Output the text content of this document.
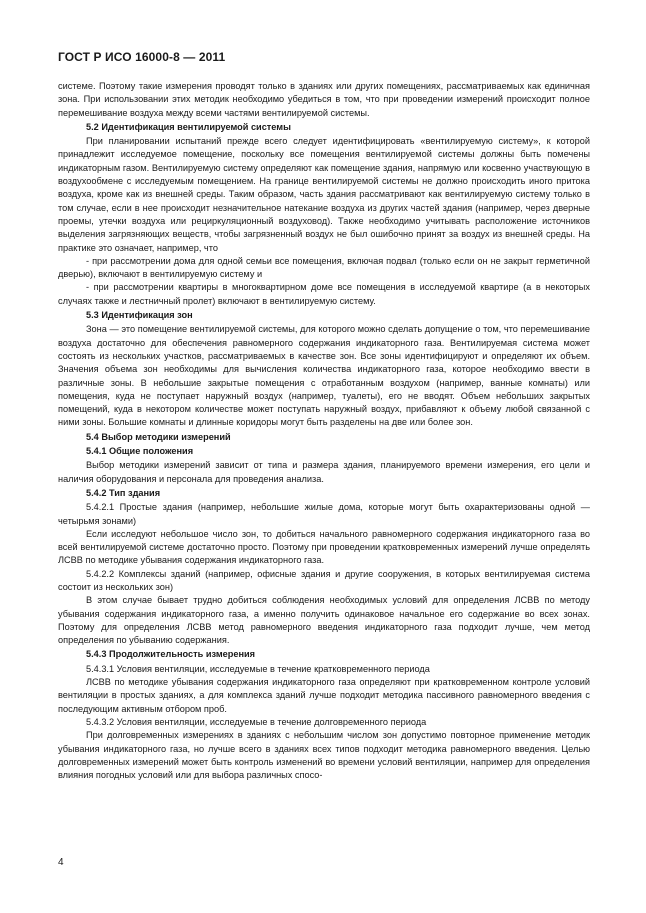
ГОСТ Р ИСО 16000-8 — 2011

системе. Поэтому такие измерения проводят только в зданиях или других помещениях, рассматриваемых как единичная зона. При использовании этих методик необходимо убедиться в том, что при проведении измерений происходит полное перемешивание воздуха между всеми частями вентилируемой системы.

5.2 Идентификация вентилируемой системы

При планировании испытаний прежде всего следует идентифицировать «вентилируемую систему», к которой принадлежит исследуемое помещение, поскольку все помещения вентилируемой системы должны быть помечены индикаторным газом. Вентилируемую систему определяют как помещение здания, напрямую или косвенно участвующую в воздухообмене с исследуемым помещением. На границе вентилируемой системы не должно происходить иного притока воздуха, кроме как из внешней среды. Таким образом, часть здания рассматривают как вентилируемую систему только в том случае, если в нее происходит незначительное натекание воздуха из других частей здания (например, через дверные проемы, утечки воздуха или рециркуляционный воздуховод). Также необходимо учитывать расположение источников выделения загрязняющих веществ, чтобы загрязненный воздух не был ошибочно принят за воздух из внешней среды. На практике это означает, например, что

- при рассмотрении дома для одной семьи все помещения, включая подвал (только если он не закрыт герметичной дверью), включают в вентилируемую систему и

- при рассмотрении квартиры в многоквартирном доме все помещения в исследуемой квартире (а в некоторых случаях также и лестничный пролет) включают в вентилируемую систему.

5.3 Идентификация зон

Зона — это помещение вентилируемой системы, для которого можно сделать допущение о том, что перемешивание воздуха достаточно для обеспечения равномерного содержания индикаторного газа. Вентилируемая система может состоять из нескольких участков, рассматриваемых в качестве зон. Все зоны идентифицируют и определяют их объем. Значения объема зон необходимы для вычисления количества индикаторного газа, которое необходимо ввести в различные зоны. В небольшие закрытые помещения с отработанным воздухом (например, ванные комнаты) или помещения, куда не поступает наружный воздух (например, туалеты), его не вводят. Объем небольших закрытых помещений, куда в некотором количестве может поступать наружный воздух, прибавляют к объему любой связанной с ними зоны. Большие комнаты и длинные коридоры могут быть разделены на две или более зон.

5.4 Выбор методики измерений

5.4.1 Общие положения

Выбор методики измерений зависит от типа и размера здания, планируемого времени измерения, его цели и наличия оборудования и персонала для проведения анализа.

5.4.2 Тип здания

5.4.2.1 Простые здания (например, небольшие жилые дома, которые могут быть охарактеризованы одной — четырьмя зонами)

Если исследуют небольшое число зон, то добиться начального равномерного содержания индикаторного газа во всей вентилируемой системе достаточно просто. Поэтому при проведении кратковременных измерений лучше определять ЛСВВ по методике убывания содержания индикаторного газа.

5.4.2.2 Комплексы зданий (например, офисные здания и другие сооружения, в которых вентилируемая система состоит из нескольких зон)

В этом случае бывает трудно добиться соблюдения необходимых условий для определения ЛСВВ по методу убывания содержания индикаторного газа, а именно получить одинаковое начальное его содержание во всех зонах. Поэтому для определения ЛСВВ метод равномерного введения индикаторного газа подходит лучше, чем метод определения по убыванию содержания.

5.4.3 Продолжительность измерения

5.4.3.1 Условия вентиляции, исследуемые в течение кратковременного периода

ЛСВВ по методике убывания содержания индикаторного газа определяют при кратковременном контроле условий вентиляции в простых зданиях, а для комплекса зданий лучше подходит методика пассивного равномерного введения с последующим активным отбором проб.

5.4.3.2 Условия вентиляции, исследуемые в течение долговременного периода

При долговременных измерениях в зданиях с небольшим числом зон допустимо повторное применение методик убывания индикаторного газа, но лучше всего в зданиях всех типов подходит методика равномерного введения. Целью долговременных измерений может быть контроль изменений во времени условий вентиляции, например для определения влияния погодных условий или для выбора различных спосо-

4
